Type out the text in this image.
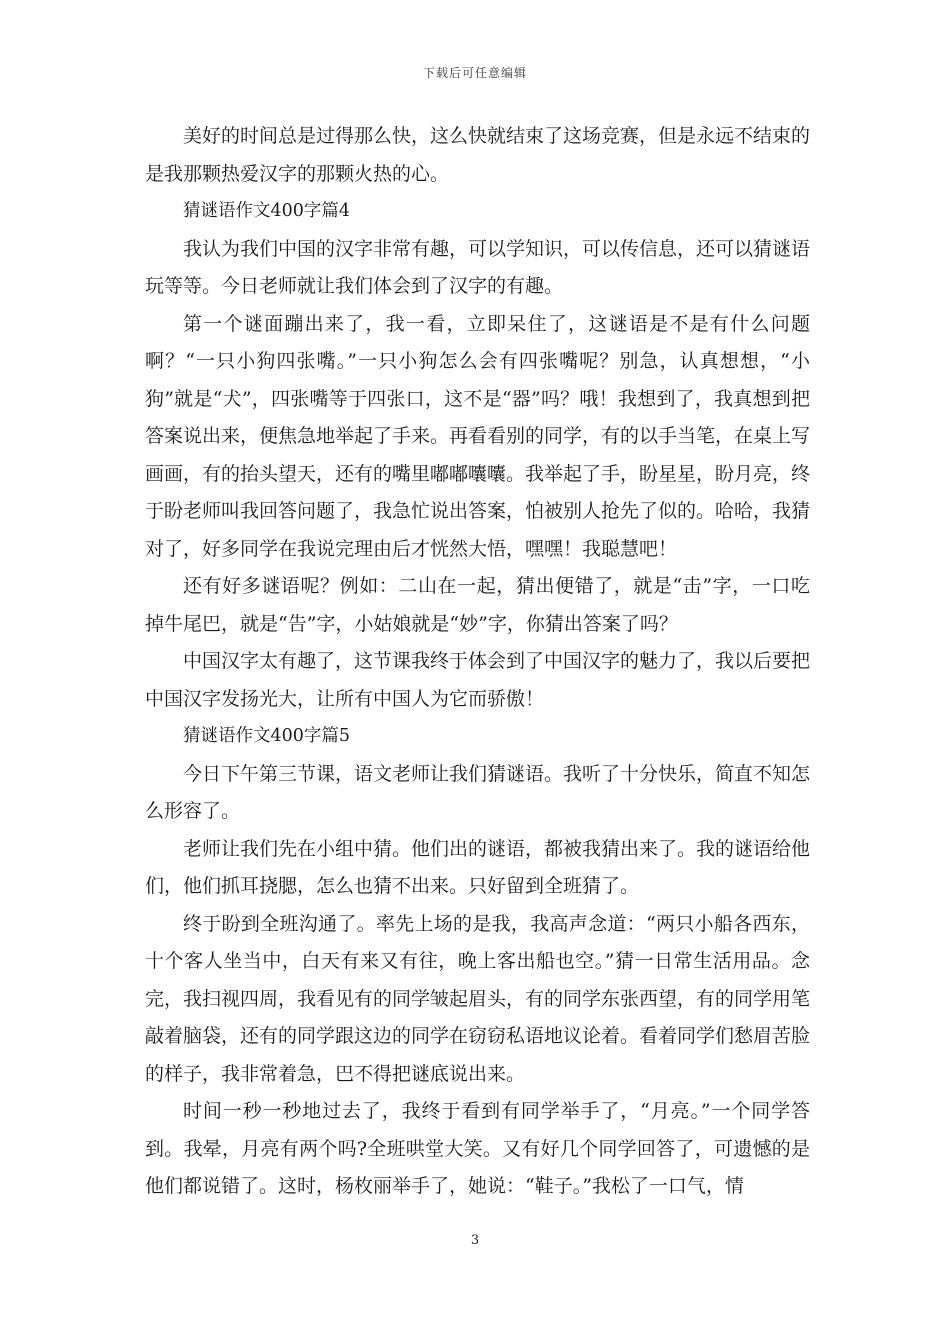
下载后可任意编辑

美好的时间总是过得那么快，这么快就结束了这场竞赛，但是永远不结束的是我那颗热爱汉字的那颗火热的心。

猜谜语作文400字篇4

我认为我们中国的汉字非常有趣，可以学知识，可以传信息，还可以猜谜语玩等等。今日老师就让我们体会到了汉字的有趣。

第一个谜面蹦出来了，我一看，立即呆住了，这谜语是不是有什么问题啊？“一只小狗四张嘴。”一只小狗怎么会有四张嘴呢？别急，认真想想，“小狗”就是“犬”，四张嘴等于四张口，这不是“器”吗？哦！我想到了，我真想到把答案说出来，便焦急地举起了手来。再看看别的同学，有的以手当笔，在桌上写画画，有的抬头望天，还有的嘴里嘟嘟囔囔。我举起了手，盼星星，盼月亮，终于盼老师叫我回答问题了，我急忙说出答案，怕被别人抢先了似的。哈哈，我猜对了，好多同学在我说完理由后才恍然大悟，嘿嘿！我聪慧吧！

还有好多谜语呢？例如：二山在一起，猜出便错了，就是“击”字，一口吃掉牛尾巴，就是“告”字，小姑娘就是“妙”字，你猜出答案了吗？

中国汉字太有趣了，这节课我终于体会到了中国汉字的魅力了，我以后要把中国汉字发扬光大，让所有中国人为它而骄傲！

猜谜语作文400字篇5

今日下午第三节课，语文老师让我们猜谜语。我听了十分快乐，简直不知怎么形容了。

老师让我们先在小组中猜。他们出的谜语，都被我猜出来了。我的谜语给他们，他们抓耳挠腮，怎么也猜不出来。只好留到全班猜了。

终于盼到全班沟通了。率先上场的是我，我高声念道：“两只小船各西东，十个客人坐当中，白天有来又有往，晚上客出船也空。”猜一日常生活用品。念完，我扫视四周，我看见有的同学皱起眉头，有的同学东张西望，有的同学用笔敲着脑袋，还有的同学跟这边的同学在窃窃私语地议论着。看着同学们愁眉苦脸的样子，我非常着急，巴不得把谜底说出来。

时间一秒一秒地过去了，我终于看到有同学举手了，“月亮。”一个同学答到。我晕，月亮有两个吗?全班哄堂大笑。又有好几个同学回答了，可遗憾的是他们都说错了。这时，杨枚丽举手了，她说：“鞋子。”我松了一口气，情

3
